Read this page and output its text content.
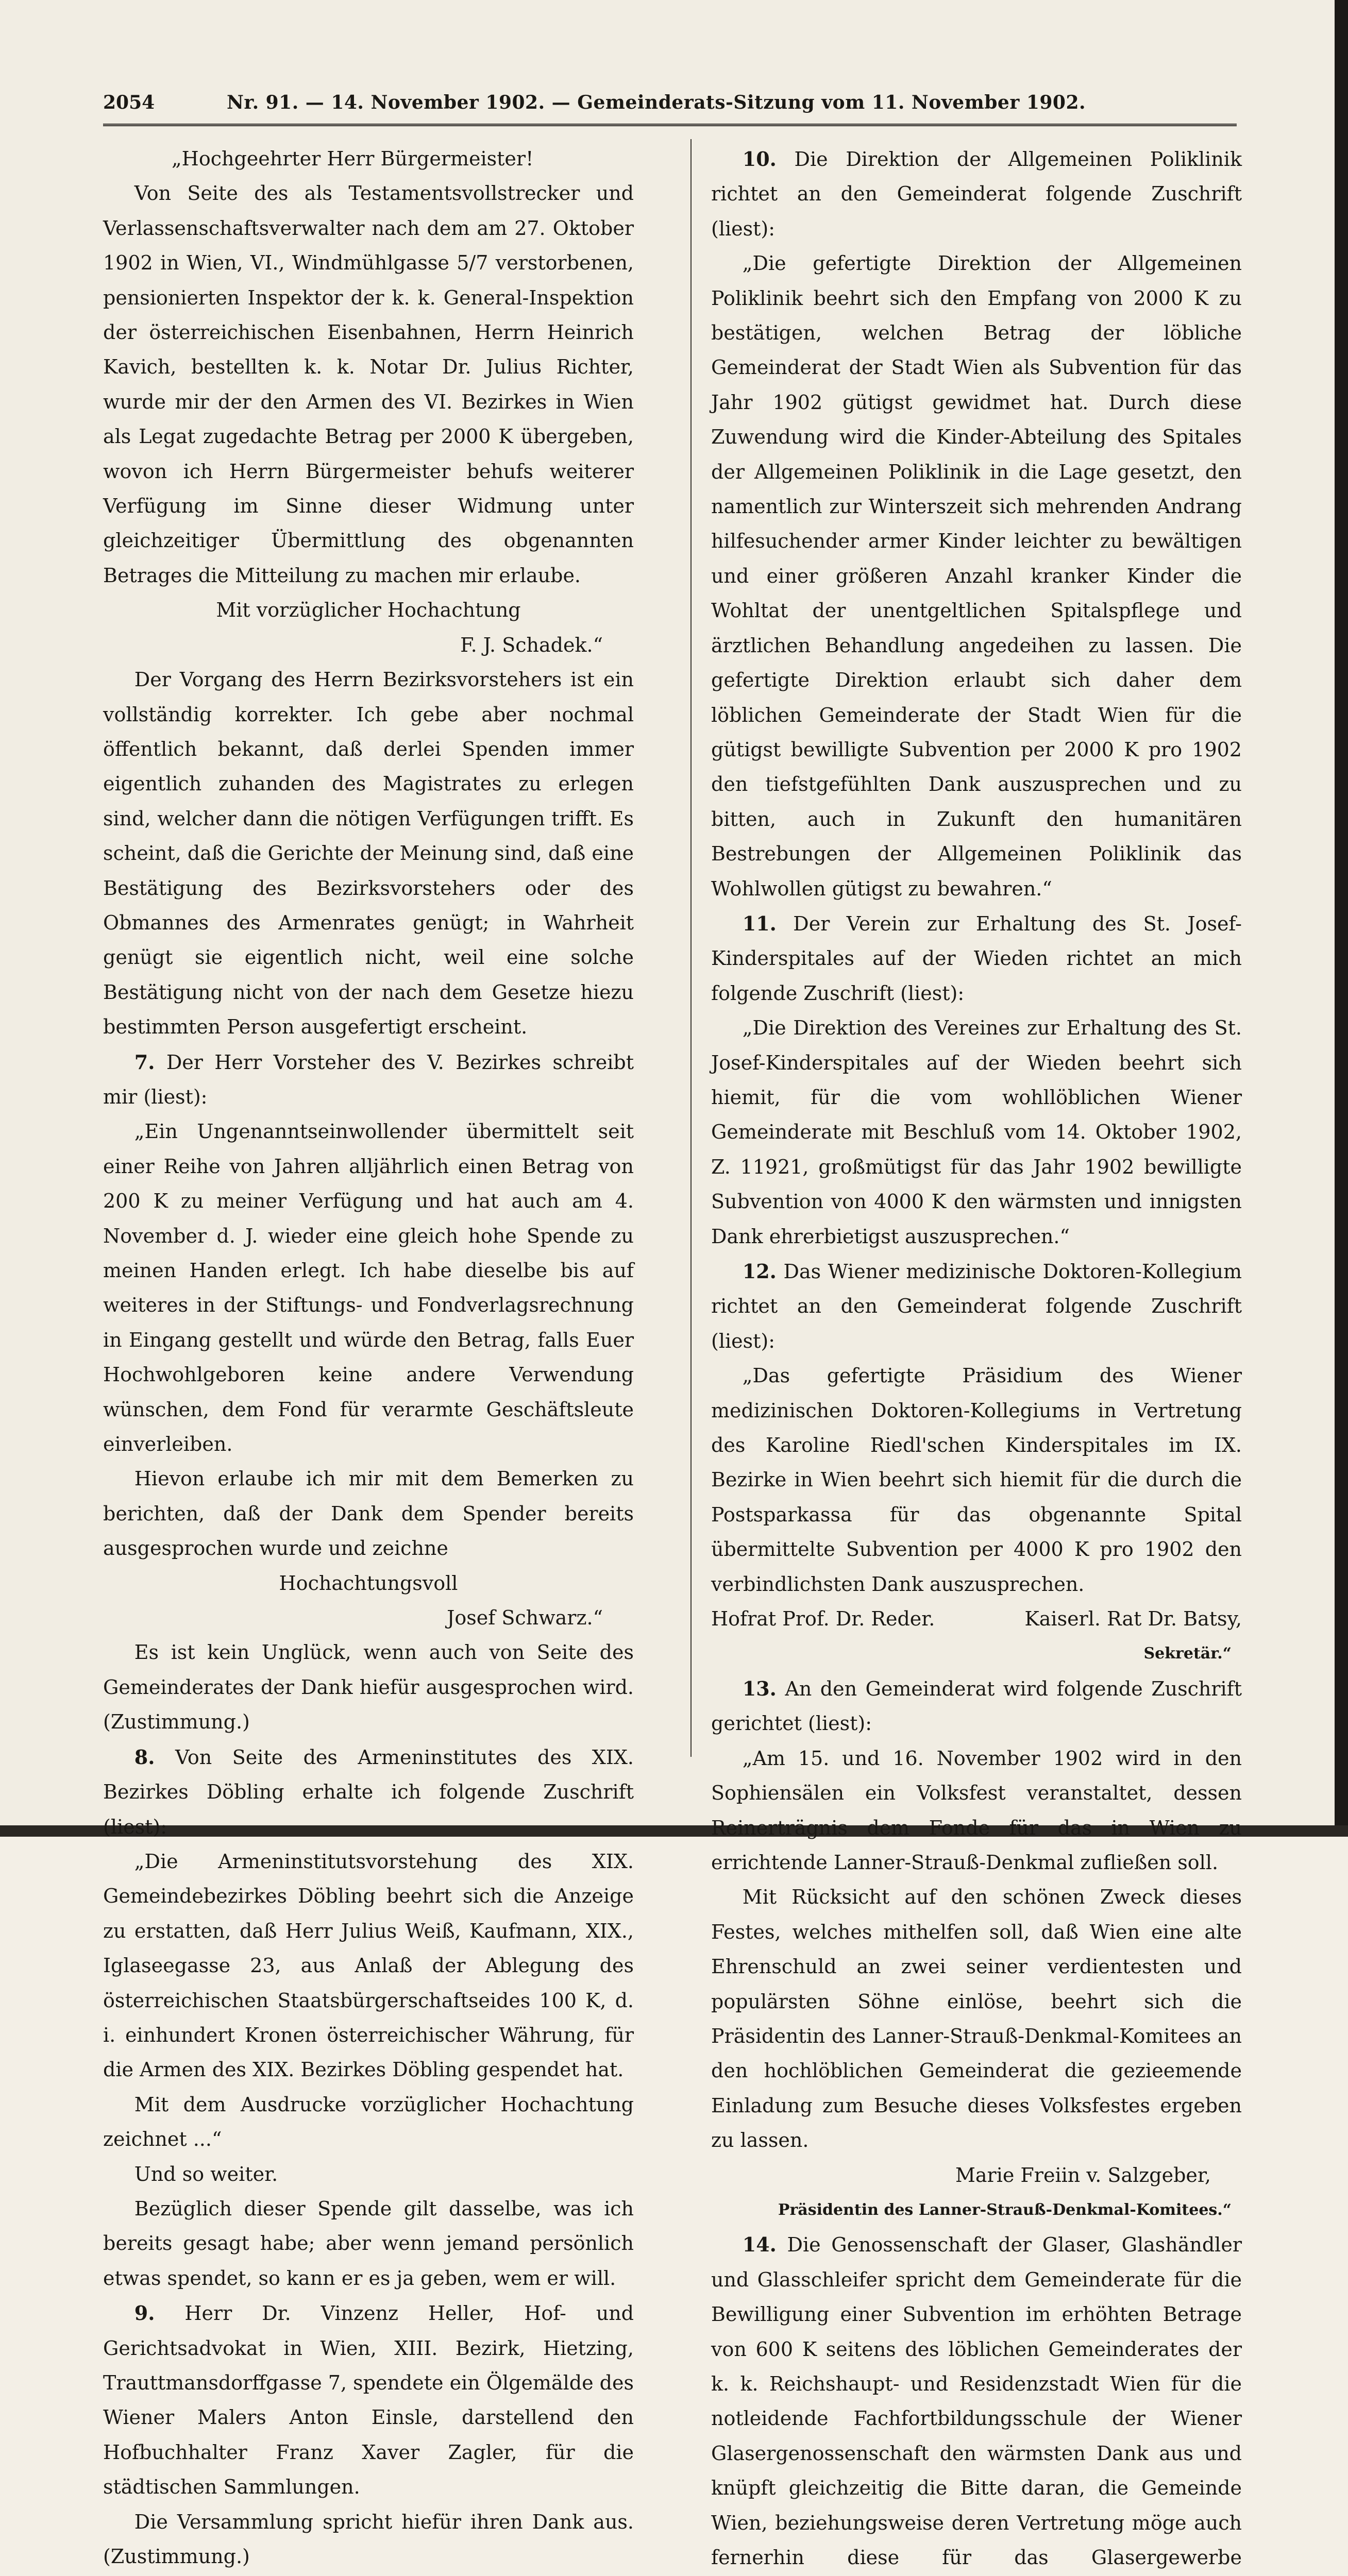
2054	Nr. 91. — 14. November 1902. — Gemeinderats-Sitzung vom 11. November 1902.

„Hochgeehrter Herr Bürgermeister!

Von Seite des als Testamentsvollstrecker und Verlassenschaftsverwalter nach dem am 27. Oktober 1902 in Wien, VI., Windmühlgasse 5/7 verstorbenen, pensionierten Inspektor der k. k. General-Inspektion der österreichischen Eisenbahnen, Herrn Heinrich Kavich, bestellten k. k. Notar Dr. Julius Richter, wurde mir der den Armen des VI. Bezirkes in Wien als Legat zugedachte Betrag per 2000 K übergeben, wovon ich Herrn Bürgermeister behufs weiterer Verfügung im Sinne dieser Widmung unter gleichzeitiger Übermittlung des obgenannten Betrages die Mitteilung zu machen mir erlaube.

Mit vorzüglicher Hochachtung

F. J. Schadek.“

Der Vorgang des Herrn Bezirksvorstehers ist ein vollständig korrekter. Ich gebe aber nochmal öffentlich bekannt, daß derlei Spenden immer eigentlich zuhanden des Magistrates zu erlegen sind, welcher dann die nötigen Verfügungen trifft. Es scheint, daß die Gerichte der Meinung sind, daß eine Bestätigung des Bezirksvorstehers oder des Obmannes des Armenrates genügt; in Wahrheit genügt sie eigentlich nicht, weil eine solche Bestätigung nicht von der nach dem Gesetze hiezu bestimmten Person ausgefertigt erscheint.

7. Der Herr Vorsteher des V. Bezirkes schreibt mir (liest):

„Ein Ungenanntseinwollender übermittelt seit einer Reihe von Jahren alljährlich einen Betrag von 200 K zu meiner Verfügung und hat auch am 4. November d. J. wieder eine gleich hohe Spende zu meinen Handen erlegt. Ich habe dieselbe bis auf weiteres in der Stiftungs- und Fondverlagsrechnung in Eingang gestellt und würde den Betrag, falls Euer Hochwohlgeboren keine andere Verwendung wünschen, dem Fond für verarmte Geschäftsleute einverleiben.

Hievon erlaube ich mir mit dem Bemerken zu berichten, daß der Dank dem Spender bereits ausgesprochen wurde und zeichne

Hochachtungsvoll

Josef Schwarz.“

Es ist kein Unglück, wenn auch von Seite des Gemeinderates der Dank hiefür ausgesprochen wird. (Zustimmung.)

8. Von Seite des Armeninstitutes des XIX. Bezirkes Döbling erhalte ich folgende Zuschrift (liest):

„Die Armeninstitutsvorstehung des XIX. Gemeindebezirkes Döbling beehrt sich die Anzeige zu erstatten, daß Herr Julius Weiß, Kaufmann, XIX., Iglaseegasse 23, aus Anlaß der Ablegung des österreichischen Staatsbürgerschaftseides 100 K, d. i. einhundert Kronen österreichischer Währung, für die Armen des XIX. Bezirkes Döbling gespendet hat.

Mit dem Ausdrucke vorzüglicher Hochachtung zeichnet ...“

Und so weiter.

Bezüglich dieser Spende gilt dasselbe, was ich bereits gesagt habe; aber wenn jemand persönlich etwas spendet, so kann er es ja geben, wem er will.

9. Herr Dr. Vinzenz Heller, Hof- und Gerichtsadvokat in Wien, XIII. Bezirk, Hietzing, Trauttmansdorffgasse 7, spendete ein Ölgemälde des Wiener Malers Anton Einsle, darstellend den Hofbuchhalter Franz Xaver Zagler, für die städtischen Sammlungen.

Die Versammlung spricht hiefür ihren Dank aus. (Zustimmung.)

10. Die Direktion der Allgemeinen Poliklinik richtet an den Gemeinderat folgende Zuschrift (liest):

„Die gefertigte Direktion der Allgemeinen Poliklinik beehrt sich den Empfang von 2000 K zu bestätigen, welchen Betrag der löbliche Gemeinderat der Stadt Wien als Subvention für das Jahr 1902 gütigst gewidmet hat. Durch diese Zuwendung wird die Kinder-Abteilung des Spitales der Allgemeinen Poliklinik in die Lage gesetzt, den namentlich zur Winterszeit sich mehrenden Andrang hilfesuchender armer Kinder leichter zu bewältigen und einer größeren Anzahl kranker Kinder die Wohltat der unentgeltlichen Spitalspflege und ärztlichen Behandlung angedeihen zu lassen. Die gefertigte Direktion erlaubt sich daher dem löblichen Gemeinderate der Stadt Wien für die gütigst bewilligte Subvention per 2000 K pro 1902 den tiefstgefühlten Dank auszusprechen und zu bitten, auch in Zukunft den humanitären Bestrebungen der Allgemeinen Poliklinik das Wohlwollen gütigst zu bewahren.“

11. Der Verein zur Erhaltung des St. Josef-Kinderspitales auf der Wieden richtet an mich folgende Zuschrift (liest):

„Die Direktion des Vereines zur Erhaltung des St. Josef-Kinderspitales auf der Wieden beehrt sich hiemit, für die vom wohllöblichen Wiener Gemeinderate mit Beschluß vom 14. Oktober 1902, Z. 11921, großmütigst für das Jahr 1902 bewilligte Subvention von 4000 K den wärmsten und innigsten Dank ehrerbietigst auszusprechen.“

12. Das Wiener medizinische Doktoren-Kollegium richtet an den Gemeinderat folgende Zuschrift (liest):

„Das gefertigte Präsidium des Wiener medizinischen Doktoren-Kollegiums in Vertretung des Karoline Riedl'schen Kinderspitales im IX. Bezirke in Wien beehrt sich hiemit für die durch die Postsparkassa für das obgenannte Spital übermittelte Subvention per 4000 K pro 1902 den verbindlichsten Dank auszusprechen.

Hofrat Prof. Dr. Reder.	Kaiserl. Rat Dr. Batsy,

Sekretär.“

13. An den Gemeinderat wird folgende Zuschrift gerichtet (liest):

„Am 15. und 16. November 1902 wird in den Sophiensälen ein Volksfest veranstaltet, dessen Reinerträgnis dem Fonde für das in Wien zu errichtende Lanner-Strauß-Denkmal zufließen soll.

Mit Rücksicht auf den schönen Zweck dieses Festes, welches mithelfen soll, daß Wien eine alte Ehrenschuld an zwei seiner verdientesten und populärsten Söhne einlöse, beehrt sich die Präsidentin des Lanner-Strauß-Denkmal-Komitees an den hochlöblichen Gemeinderat die gezieemende Einladung zum Besuche dieses Volksfestes ergeben zu lassen.

Marie Freiin v. Salzgeber,

Präsidentin des Lanner-Strauß-Denkmal-Komitees.“

14. Die Genossenschaft der Glaser, Glashändler und Glasschleifer spricht dem Gemeinderate für die Bewilligung einer Subvention im erhöhten Betrage von 600 K seitens des löblichen Gemeinderates der k. k. Reichshaupt- und Residenzstadt Wien für die notleidende Fachfortbildungsschule der Wiener Glasergenossenschaft den wärmsten Dank aus und knüpft gleichzeitig die Bitte daran, die Gemeinde Wien, beziehungsweise deren Vertretung möge auch fernerhin diese für das Glasergewerbe
